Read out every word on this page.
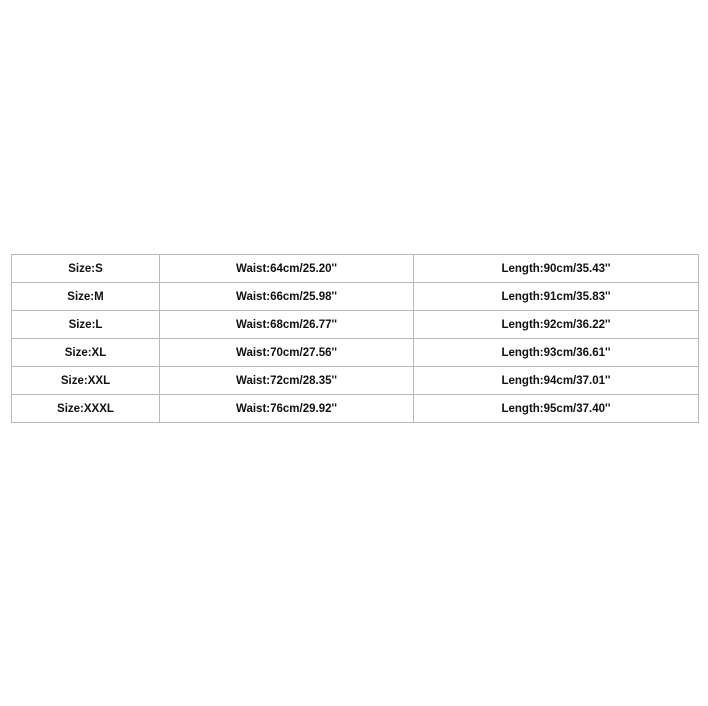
Size:S	Waist:64cm/25.20''	Length:90cm/35.43''
Size:M	Waist:66cm/25.98''	Length:91cm/35.83''
Size:L	Waist:68cm/26.77''	Length:92cm/36.22''
Size:XL	Waist:70cm/27.56''	Length:93cm/36.61''
Size:XXL	Waist:72cm/28.35''	Length:94cm/37.01''
Size:XXXL	Waist:76cm/29.92''	Length:95cm/37.40''
